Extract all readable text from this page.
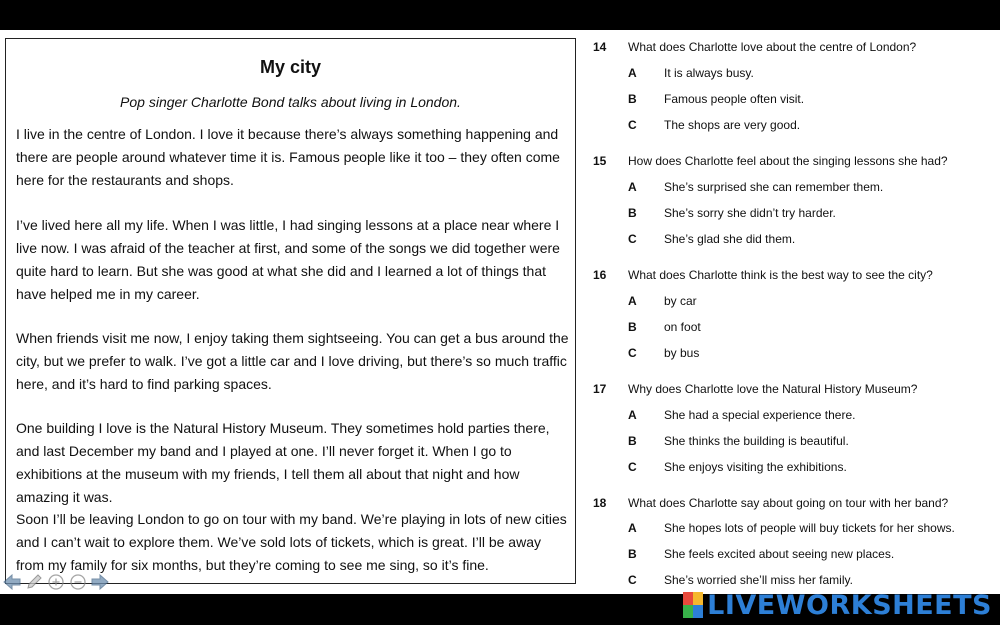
My city

Pop singer Charlotte Bond talks about living in London.

I live in the centre of London. I love it because there’s always something happening and there are people around whatever time it is. Famous people like it too – they often come here for the restaurants and shops.

I’ve lived here all my life. When I was little, I had singing lessons at a place near where I live now. I was afraid of the teacher at first, and some of the songs we did together were quite hard to learn. But she was good at what she did and I learned a lot of things that have helped me in my career.

When friends visit me now, I enjoy taking them sightseeing. You can get a bus around the city, but we prefer to walk. I’ve got a little car and I love driving, but there’s so much traffic here, and it’s hard to find parking spaces.

One building I love is the Natural History Museum. They sometimes hold parties there, and last December my band and I played at one. I’ll never forget it. When I go to exhibitions at the museum with my friends, I tell them all about that night and how amazing it was.

Soon I’ll be leaving London to go on tour with my band. We’re playing in lots of new cities and I can’t wait to explore them. We’ve sold lots of tickets, which is great. I’ll be away from my family for six months, but they’re coming to see me sing, so it’s fine.

14 What does Charlotte love about the centre of London?
A It is always busy.
B Famous people often visit.
C The shops are very good.
15 How does Charlotte feel about the singing lessons she had?
A She’s surprised she can remember them.
B She’s sorry she didn’t try harder.
C She’s glad she did them.
16 What does Charlotte think is the best way to see the city?
A by car
B on foot
C by bus
17 Why does Charlotte love the Natural History Museum?
A She had a special experience there.
B She thinks the building is beautiful.
C She enjoys visiting the exhibitions.
18 What does Charlotte say about going on tour with her band?
A She hopes lots of people will buy tickets for her shows.
B She feels excited about seeing new places.
C She’s worried she’ll miss her family.
LIVEWORKSHEETS
